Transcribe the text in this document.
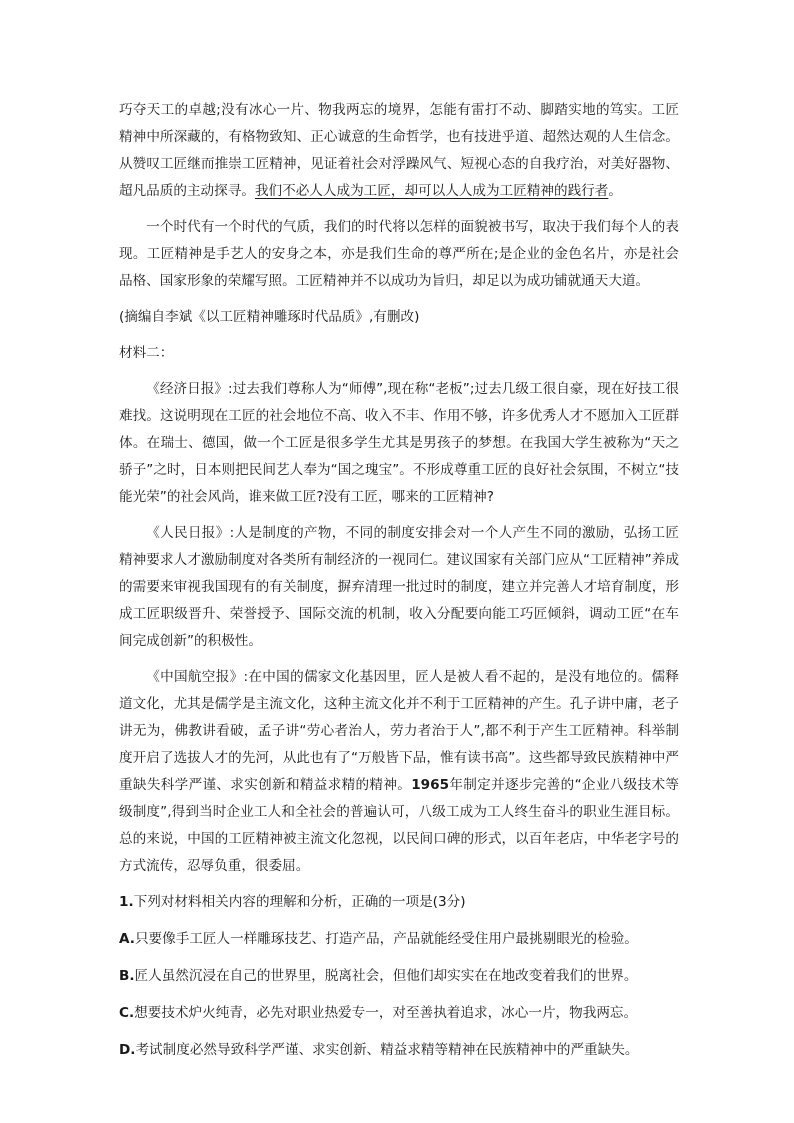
巧夺天工的卓越;没有冰心一片、物我两忘的境界，怎能有雷打不动、脚踏实地的笃实。工匠精神中所深藏的，有格物致知、正心诚意的生命哲学，也有技进乎道、超然达观的人生信念。从赞叹工匠继而推崇工匠精神，见证着社会对浮躁风气、短视心态的自我疗治，对美好器物、超凡品质的主动探寻。我们不必人人成为工匠，却可以人人成为工匠精神的践行者。

一个时代有一个时代的气质，我们的时代将以怎样的面貌被书写，取决于我们每个人的表现。工匠精神是手艺人的安身之本，亦是我们生命的尊严所在;是企业的金色名片，亦是社会品格、国家形象的荣耀写照。工匠精神并不以成功为旨归，却足以为成功铺就通天大道。

(摘编自李斌《以工匠精神雕琢时代品质》,有删改)

材料二：

《经济日报》:过去我们尊称人为“师傅”,现在称“老板”;过去几级工很自豪，现在好技工很难找。这说明现在工匠的社会地位不高、收入不丰、作用不够，许多优秀人才不愿加入工匠群体。在瑞士、德国，做一个工匠是很多学生尤其是男孩子的梦想。在我国大学生被称为“天之骄子”之时，日本则把民间艺人奉为“国之瑰宝”。不形成尊重工匠的良好社会氛围，不树立“技能光荣”的社会风尚，谁来做工匠?没有工匠，哪来的工匠精神?

《人民日报》:人是制度的产物，不同的制度安排会对一个人产生不同的激励，弘扬工匠精神要求人才激励制度对各类所有制经济的一视同仁。建议国家有关部门应从“工匠精神”养成的需要来审视我国现有的有关制度，摒弃清理一批过时的制度，建立并完善人才培育制度，形成工匠职级晋升、荣誉授予、国际交流的机制，收入分配要向能工巧匠倾斜，调动工匠“在车间完成创新”的积极性。

《中国航空报》:在中国的儒家文化基因里，匠人是被人看不起的，是没有地位的。儒释道文化，尤其是儒学是主流文化，这种主流文化并不利于工匠精神的产生。孔子讲中庸，老子讲无为，佛教讲看破，孟子讲“劳心者治人，劳力者治于人”,都不利于产生工匠精神。科举制度开启了选拔人才的先河，从此也有了“万般皆下品，惟有读书高”。这些都导致民族精神中严重缺失科学严谨、求实创新和精益求精的精神。1965年制定并逐步完善的“企业八级技术等级制度”,得到当时企业工人和全社会的普遍认可，八级工成为工人终生奋斗的职业生涯目标。总的来说，中国的工匠精神被主流文化忽视，以民间口碑的形式，以百年老店，中华老字号的方式流传，忍辱负重，很委屈。

1.下列对材料相关内容的理解和分析，正确的一项是(3分)

A.只要像手工匠人一样雕琢技艺、打造产品，产品就能经受住用户最挑剔眼光的检验。

B.匠人虽然沉浸在自己的世界里，脱离社会，但他们却实实在在地改变着我们的世界。

C.想要技术炉火纯青，必先对职业热爱专一，对至善执着追求，冰心一片，物我两忘。

D.考试制度必然导致科学严谨、求实创新、精益求精等精神在民族精神中的严重缺失。
